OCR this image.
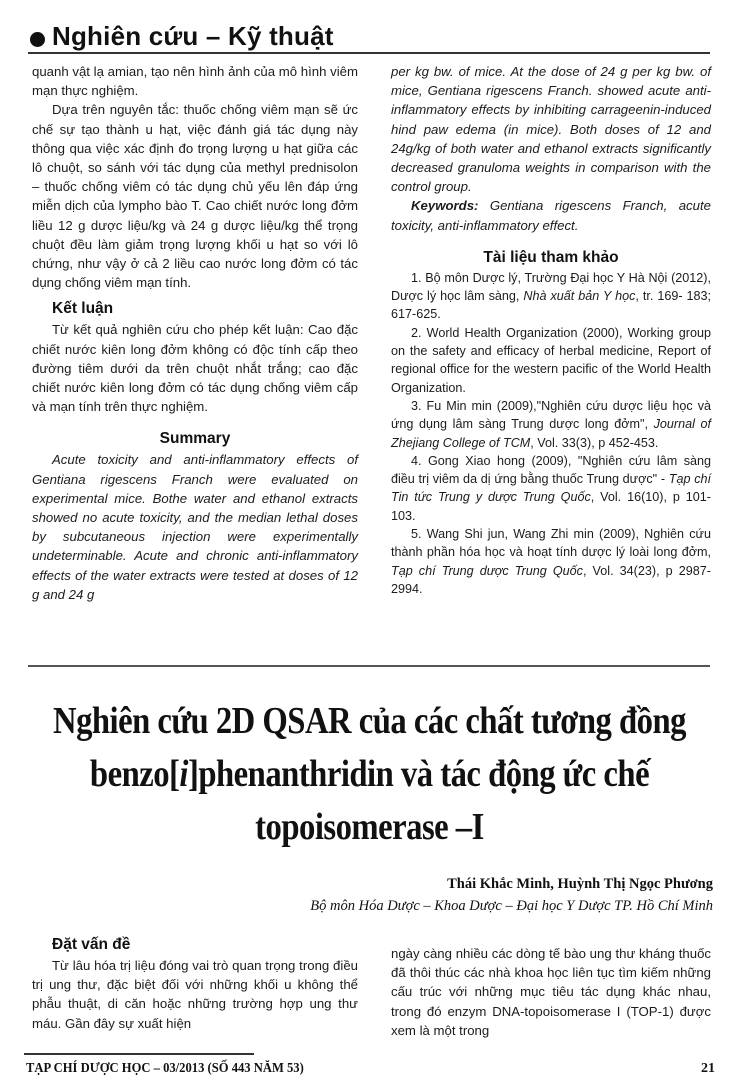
Nghiên cứu – Kỹ thuật

quanh vật lạ amian, tạo nên hình ảnh của mô hình viêm mạn thực nghiệm.

Dựa trên nguyên tắc: thuốc chống viêm mạn sẽ ức chế sự tạo thành u hạt, việc đánh giá tác dụng này thông qua việc xác định đo trọng lượng u hạt giữa các lô chuột, so sánh với tác dụng của methyl prednisolon – thuốc chống viêm có tác dụng chủ yếu lên đáp ứng miễn dịch của lympho bào T. Cao chiết nước long đởm liều 12 g dược liệu/kg và 24 g dược liệu/kg thể trọng chuột đều làm giảm trọng lượng khối u hạt so với lô chứng, như vậy ở cả 2 liều cao nước long đởm có tác dụng chống viêm mạn tính.

Kết luận

Từ kết quả nghiên cứu cho phép kết luận: Cao đặc chiết nước kiên long đởm không có độc tính cấp theo đường tiêm dưới da trên chuột nhắt trắng; cao đặc chiết nước kiên long đởm có tác dụng chống viêm cấp và mạn tính trên thực nghiệm.

Summary

Acute toxicity and anti-inflammatory effects of Gentiana rigescens Franch were evaluated on experimental mice. Bothe water and ethanol extracts showed no acute toxicity, and the median lethal doses by subcutaneous injection were experimentally undeterminable. Acute and chronic anti-inflammatory effects of the water extracts were tested at doses of 12 g and 24 g

per kg bw. of mice. At the dose of 24 g per kg bw. of mice, Gentiana rigescens Franch. showed acute anti-inflammatory effects by inhibiting carrageenin-induced hind paw edema (in mice). Both doses of 12 and 24g/kg of both water and ethanol extracts significantly decreased granuloma weights in comparison with the control group.

Keywords: Gentiana rigescens Franch, acute toxicity, anti-inflammatory effect.

Tài liệu tham khảo

1. Bộ môn Dược lý, Trường Đại học Y Hà Nội (2012), Dược lý học lâm sàng, Nhà xuất bản Y học, tr. 169- 183; 617-625.

2. World Health Organization (2000), Working group on the safety and efficacy of herbal medicine, Report of regional office for the western pacific of the World Health Organization.

3. Fu Min min (2009),"Nghiên cứu dược liệu học và ứng dụng lâm sàng Trung dược long đởm", Journal of Zhejiang College of TCM, Vol. 33(3), p 452-453.

4. Gong Xiao hong (2009), "Nghiên cứu lâm sàng điều trị viêm da dị ứng bằng thuốc Trung dược" - Tạp chí Tin tức Trung y dược Trung Quốc, Vol. 16(10), p 101-103.

5. Wang Shi jun, Wang Zhi min (2009), Nghiên cứu thành phần hóa học và hoạt tính dược lý loài long đởm, Tạp chí Trung dược Trung Quốc, Vol. 34(23), p 2987-2994.

Nghiên cứu 2D QSAR của các chất tương đồng
benzo[i]phenanthridin và tác động ức chế
topoisomerase –I
Thái Khắc Minh, Huỳnh Thị Ngọc Phương
Bộ môn Hóa Dược – Khoa Dược – Đại học Y Dược TP. Hồ Chí Minh
Đặt vấn đề

Từ lâu hóa trị liệu đóng vai trò quan trọng trong điều trị ung thư, đặc biệt đối với những khối u không thể phẫu thuật, di căn hoặc những trường hợp ung thư máu. Gần đây sự xuất hiện

ngày càng nhiều các dòng tế bào ung thư kháng thuốc đã thôi thúc các nhà khoa học liên tục tìm kiếm những cấu trúc với những mục tiêu tác dụng khác nhau, trong đó enzym DNA-topoisomerase I (TOP-1) được xem là một trong

TẠP CHÍ DƯỢC HỌC – 03/2013 (SỐ 443 NĂM 53)	21
